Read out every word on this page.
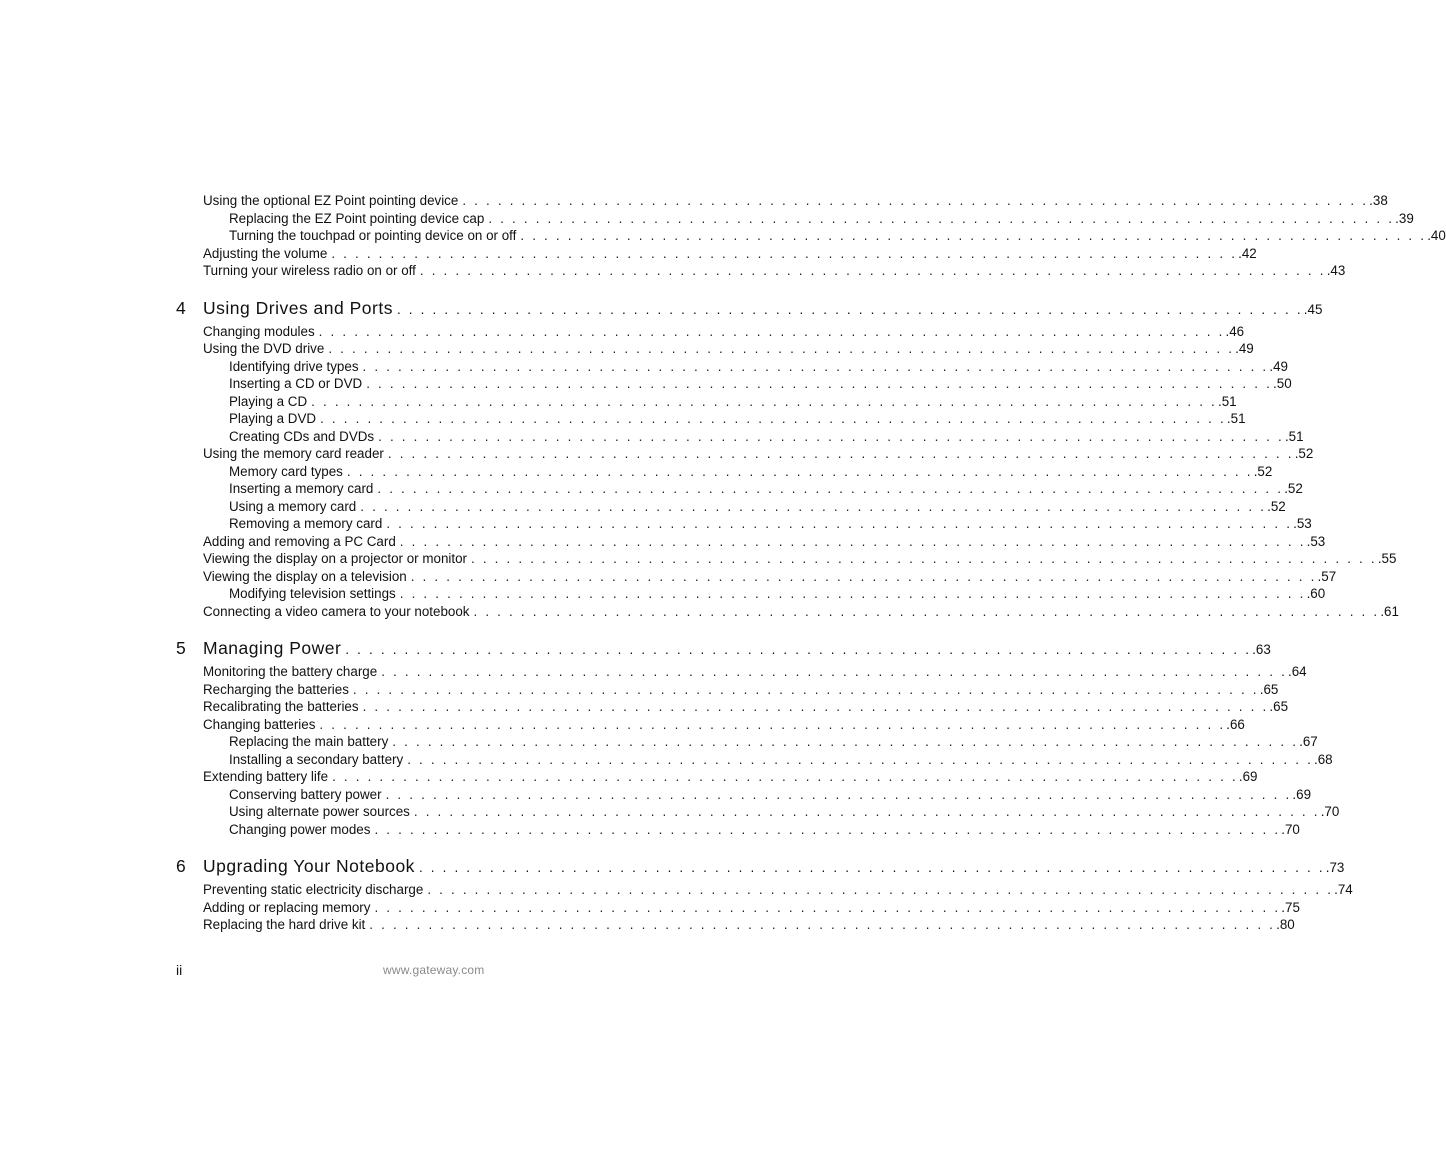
Using the optional EZ Point pointing device . . . . . . . . . . . . . . . . . . . . . . . . . . . . . . . . . . . . . . . . . . . . . . . . . . . . . . . . . . . . . . . . . . . . . . . . . . . . . .38
Replacing the EZ Point pointing device cap . . . . . . . . . . . . . . . . . . . . . . . . . . . . . . . . . . . . . . . . . . . . . . . . . . . . . . . . . . . . . . . . . . . . . . . . . . . . . .39
Turning the touchpad or pointing device on or off . . . . . . . . . . . . . . . . . . . . . . . . . . . . . . . . . . . . . . . . . . . . . . . . . . . . . . . . . . . . . . . . . . . . . . . . . . . . . .40
Adjusting the volume . . . . . . . . . . . . . . . . . . . . . . . . . . . . . . . . . . . . . . . . . . . . . . . . . . . . . . . . . . . . . . . . . . . . . . . . . . . . . .42
Turning your wireless radio on or off . . . . . . . . . . . . . . . . . . . . . . . . . . . . . . . . . . . . . . . . . . . . . . . . . . . . . . . . . . . . . . . . . . . . . . . . . . . . . .43
4 Using Drives and Ports . . . . . . . . . . . . . . . . . . . . . . . . . . . . . . . . . . . . . . . . . . . . . . . . . . . . . . . . . . . . . . . . . . . . . . . . . . . . . .45
Changing modules . . . . . . . . . . . . . . . . . . . . . . . . . . . . . . . . . . . . . . . . . . . . . . . . . . . . . . . . . . . . . . . . . . . . . . . . . . . . . .46
Using the DVD drive . . . . . . . . . . . . . . . . . . . . . . . . . . . . . . . . . . . . . . . . . . . . . . . . . . . . . . . . . . . . . . . . . . . . . . . . . . . . . .49
Identifying drive types . . . . . . . . . . . . . . . . . . . . . . . . . . . . . . . . . . . . . . . . . . . . . . . . . . . . . . . . . . . . . . . . . . . . . . . . . . . . . .49
Inserting a CD or DVD . . . . . . . . . . . . . . . . . . . . . . . . . . . . . . . . . . . . . . . . . . . . . . . . . . . . . . . . . . . . . . . . . . . . . . . . . . . . . .50
Playing a CD . . . . . . . . . . . . . . . . . . . . . . . . . . . . . . . . . . . . . . . . . . . . . . . . . . . . . . . . . . . . . . . . . . . . . . . . . . . . . .51
Playing a DVD . . . . . . . . . . . . . . . . . . . . . . . . . . . . . . . . . . . . . . . . . . . . . . . . . . . . . . . . . . . . . . . . . . . . . . . . . . . . . .51
Creating CDs and DVDs . . . . . . . . . . . . . . . . . . . . . . . . . . . . . . . . . . . . . . . . . . . . . . . . . . . . . . . . . . . . . . . . . . . . . . . . . . . . . .51
Using the memory card reader . . . . . . . . . . . . . . . . . . . . . . . . . . . . . . . . . . . . . . . . . . . . . . . . . . . . . . . . . . . . . . . . . . . . . . . . . . . . . .52
Memory card types . . . . . . . . . . . . . . . . . . . . . . . . . . . . . . . . . . . . . . . . . . . . . . . . . . . . . . . . . . . . . . . . . . . . . . . . . . . . . .52
Inserting a memory card . . . . . . . . . . . . . . . . . . . . . . . . . . . . . . . . . . . . . . . . . . . . . . . . . . . . . . . . . . . . . . . . . . . . . . . . . . . . . .52
Using a memory card . . . . . . . . . . . . . . . . . . . . . . . . . . . . . . . . . . . . . . . . . . . . . . . . . . . . . . . . . . . . . . . . . . . . . . . . . . . . . .52
Removing a memory card . . . . . . . . . . . . . . . . . . . . . . . . . . . . . . . . . . . . . . . . . . . . . . . . . . . . . . . . . . . . . . . . . . . . . . . . . . . . . .53
Adding and removing a PC Card . . . . . . . . . . . . . . . . . . . . . . . . . . . . . . . . . . . . . . . . . . . . . . . . . . . . . . . . . . . . . . . . . . . . . . . . . . . . . .53
Viewing the display on a projector or monitor . . . . . . . . . . . . . . . . . . . . . . . . . . . . . . . . . . . . . . . . . . . . . . . . . . . . . . . . . . . . . . . . . . . . . . . . . . . . . .55
Viewing the display on a television . . . . . . . . . . . . . . . . . . . . . . . . . . . . . . . . . . . . . . . . . . . . . . . . . . . . . . . . . . . . . . . . . . . . . . . . . . . . . .57
Modifying television settings . . . . . . . . . . . . . . . . . . . . . . . . . . . . . . . . . . . . . . . . . . . . . . . . . . . . . . . . . . . . . . . . . . . . . . . . . . . . . .60
Connecting a video camera to your notebook . . . . . . . . . . . . . . . . . . . . . . . . . . . . . . . . . . . . . . . . . . . . . . . . . . . . . . . . . . . . . . . . . . . . . . . . . . . . . .61
5 Managing Power . . . . . . . . . . . . . . . . . . . . . . . . . . . . . . . . . . . . . . . . . . . . . . . . . . . . . . . . . . . . . . . . . . . . . . . . . . . . . .63
Monitoring the battery charge . . . . . . . . . . . . . . . . . . . . . . . . . . . . . . . . . . . . . . . . . . . . . . . . . . . . . . . . . . . . . . . . . . . . . . . . . . . . . .64
Recharging the batteries . . . . . . . . . . . . . . . . . . . . . . . . . . . . . . . . . . . . . . . . . . . . . . . . . . . . . . . . . . . . . . . . . . . . . . . . . . . . . .65
Recalibrating the batteries . . . . . . . . . . . . . . . . . . . . . . . . . . . . . . . . . . . . . . . . . . . . . . . . . . . . . . . . . . . . . . . . . . . . . . . . . . . . . .65
Changing batteries . . . . . . . . . . . . . . . . . . . . . . . . . . . . . . . . . . . . . . . . . . . . . . . . . . . . . . . . . . . . . . . . . . . . . . . . . . . . . .66
Replacing the main battery . . . . . . . . . . . . . . . . . . . . . . . . . . . . . . . . . . . . . . . . . . . . . . . . . . . . . . . . . . . . . . . . . . . . . . . . . . . . . .67
Installing a secondary battery . . . . . . . . . . . . . . . . . . . . . . . . . . . . . . . . . . . . . . . . . . . . . . . . . . . . . . . . . . . . . . . . . . . . . . . . . . . . . .68
Extending battery life . . . . . . . . . . . . . . . . . . . . . . . . . . . . . . . . . . . . . . . . . . . . . . . . . . . . . . . . . . . . . . . . . . . . . . . . . . . . . .69
Conserving battery power . . . . . . . . . . . . . . . . . . . . . . . . . . . . . . . . . . . . . . . . . . . . . . . . . . . . . . . . . . . . . . . . . . . . . . . . . . . . . .69
Using alternate power sources . . . . . . . . . . . . . . . . . . . . . . . . . . . . . . . . . . . . . . . . . . . . . . . . . . . . . . . . . . . . . . . . . . . . . . . . . . . . . .70
Changing power modes . . . . . . . . . . . . . . . . . . . . . . . . . . . . . . . . . . . . . . . . . . . . . . . . . . . . . . . . . . . . . . . . . . . . . . . . . . . . . .70
6 Upgrading Your Notebook . . . . . . . . . . . . . . . . . . . . . . . . . . . . . . . . . . . . . . . . . . . . . . . . . . . . . . . . . . . . . . . . . . . . . . . . . . . . . .73
Preventing static electricity discharge . . . . . . . . . . . . . . . . . . . . . . . . . . . . . . . . . . . . . . . . . . . . . . . . . . . . . . . . . . . . . . . . . . . . . . . . . . . . . .74
Adding or replacing memory . . . . . . . . . . . . . . . . . . . . . . . . . . . . . . . . . . . . . . . . . . . . . . . . . . . . . . . . . . . . . . . . . . . . . . . . . . . . . .75
Replacing the hard drive kit . . . . . . . . . . . . . . . . . . . . . . . . . . . . . . . . . . . . . . . . . . . . . . . . . . . . . . . . . . . . . . . . . . . . . . . . . . . . . .80
ii	www.gateway.com
